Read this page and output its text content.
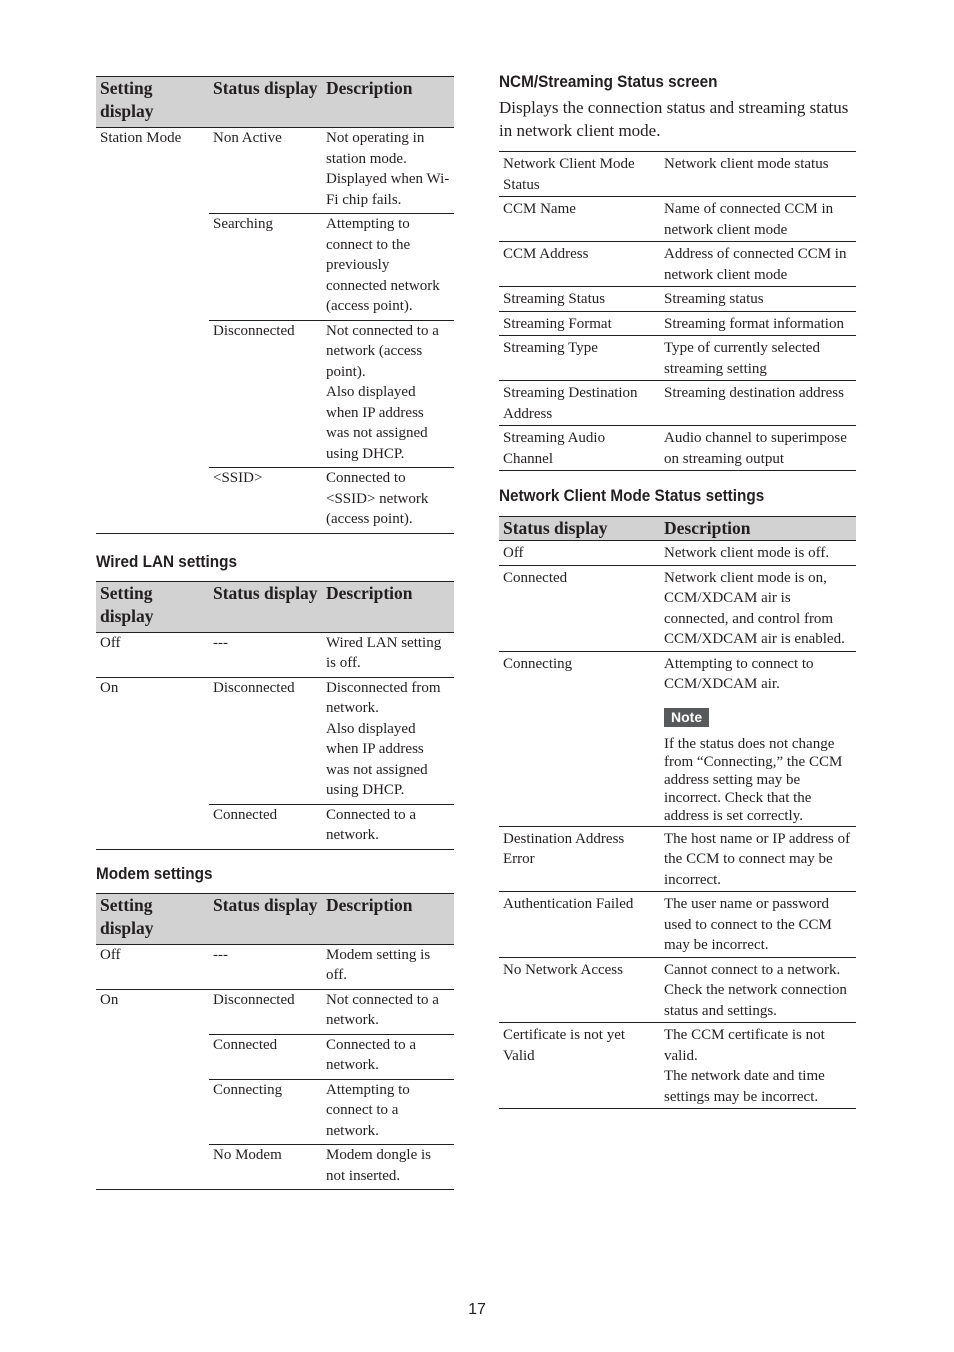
Setting display	Status display	Description
Station Mode	Non Active	Not operating in station mode. Displayed when Wi-Fi chip fails.
	Searching	Attempting to connect to the previously connected network (access point).
	Disconnected	Not connected to a network (access point).
Also displayed when IP address was not assigned using DHCP.
	<SSID>	Connected to <SSID> network (access point).
Wired LAN settings
Setting display	Status display	Description
Off	---	Wired LAN setting is off.
On	Disconnected	Disconnected from network.
Also displayed when IP address was not assigned using DHCP.
	Connected	Connected to a network.
Modem settings
Setting display	Status display	Description
Off	---	Modem setting is off.
On	Disconnected	Not connected to a network.
	Connected	Connected to a network.
	Connecting	Attempting to connect to a network.
	No Modem	Modem dongle is not inserted.
NCM/Streaming Status screen
Displays the connection status and streaming status in network client mode.
Network Client Mode Status	Network client mode status
CCM Name	Name of connected CCM in network client mode
CCM Address	Address of connected CCM in network client mode
Streaming Status	Streaming status
Streaming Format	Streaming format information
Streaming Type	Type of currently selected streaming setting
Streaming Destination Address	Streaming destination address
Streaming Audio Channel	Audio channel to superimpose on streaming output
Network Client Mode Status settings
Status display	Description
Off	Network client mode is off.

Connected	Network client mode is on, CCM/XDCAM air is connected, and control from CCM/XDCAM air is enabled.

Connecting	Attempting to connect to CCM/XDCAM air.
Note
If the status does not change from “Connecting,” the CCM address setting may be incorrect. Check that the address is set correctly.

Destination Address Error	The host name or IP address of the CCM to connect may be incorrect.

Authentication Failed	The user name or password used to connect to the CCM may be incorrect.

No Network Access	Cannot connect to a network. Check the network connection status and settings.

Certificate is not yet Valid	The CCM certificate is not valid.
The network date and time settings may be incorrect.
17
